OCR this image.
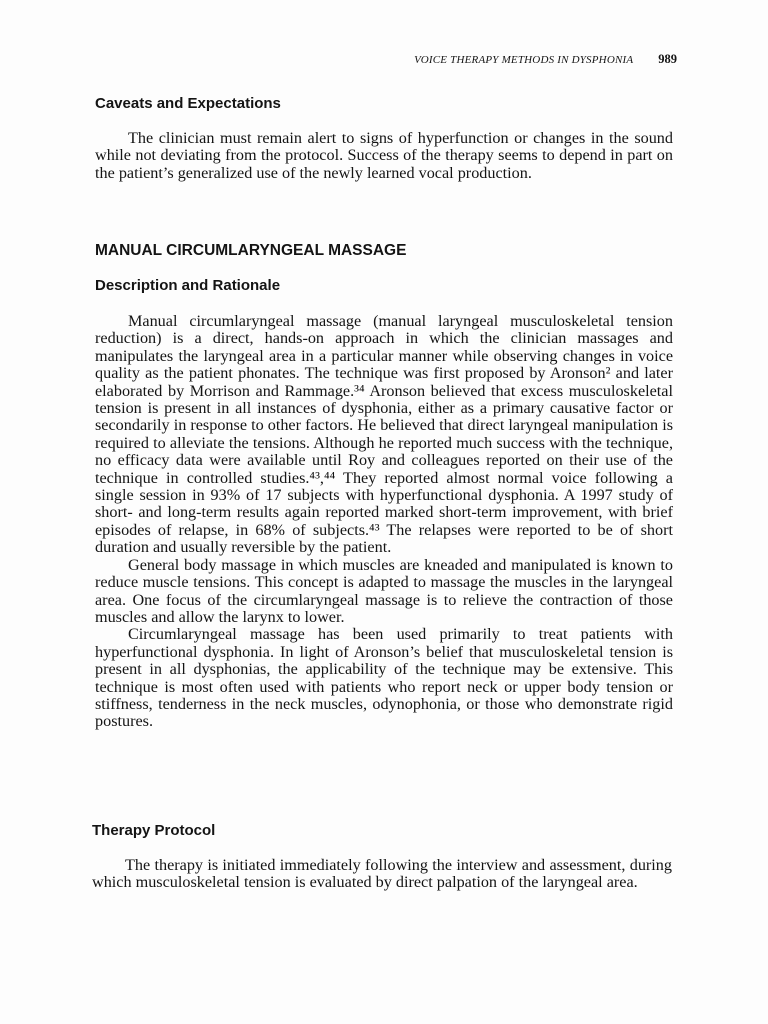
VOICE THERAPY METHODS IN DYSPHONIA 989
Caveats and Expectations

The clinician must remain alert to signs of hyperfunction or changes in the sound while not deviating from the protocol. Success of the therapy seems to depend in part on the patient’s generalized use of the newly learned vocal production.

MANUAL CIRCUMLARYNGEAL MASSAGE
Description and Rationale

Manual circumlaryngeal massage (manual laryngeal musculoskeletal tension reduction) is a direct, hands-on approach in which the clinician massages and manipulates the laryngeal area in a particular manner while observing changes in voice quality as the patient phonates. The technique was first proposed by Aronson² and later elaborated by Morrison and Rammage.³⁴ Aronson believed that excess musculoskeletal tension is present in all instances of dysphonia, either as a primary causative factor or secondarily in response to other factors. He believed that direct laryngeal manipulation is required to alleviate the tensions. Although he reported much success with the technique, no efficacy data were available until Roy and colleagues reported on their use of the technique in controlled studies.⁴³,⁴⁴ They reported almost normal voice following a single session in 93% of 17 subjects with hyperfunctional dysphonia. A 1997 study of short- and long-term results again reported marked short-term improvement, with brief episodes of relapse, in 68% of subjects.⁴³ The relapses were reported to be of short duration and usually reversible by the patient.

General body massage in which muscles are kneaded and manipulated is known to reduce muscle tensions. This concept is adapted to massage the muscles in the laryngeal area. One focus of the circumlaryngeal massage is to relieve the contraction of those muscles and allow the larynx to lower.

Circumlaryngeal massage has been used primarily to treat patients with hyperfunctional dysphonia. In light of Aronson’s belief that musculoskeletal tension is present in all dysphonias, the applicability of the technique may be extensive. This technique is most often used with patients who report neck or upper body tension or stiffness, tenderness in the neck muscles, odynophonia, or those who demonstrate rigid postures.

Therapy Protocol

The therapy is initiated immediately following the interview and assessment, during which musculoskeletal tension is evaluated by direct palpation of the laryngeal area.
